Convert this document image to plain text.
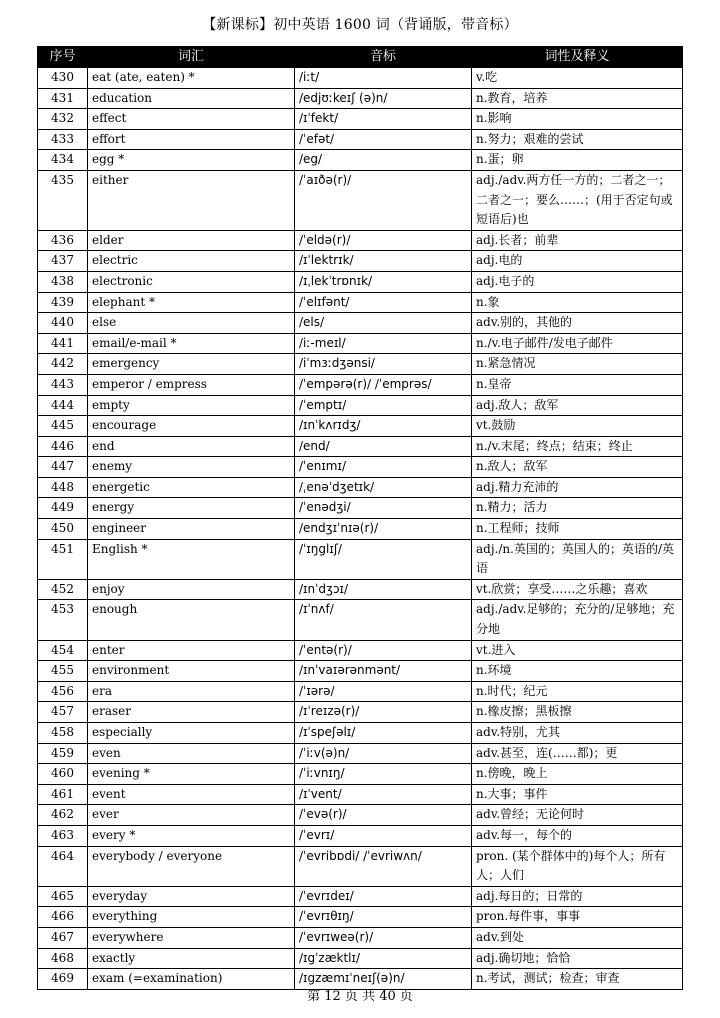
【新课标】初中英语 1600 词（背诵版，带音标）
序号	词汇	音标	词性及释义
430	eat (ate, eaten) *	/iːt/	v.吃
431	education	/edjʊːkeɪʃ (ə)n/	n.教育，培养
432	effect	/ɪˈfekt/	n.影响
433	effort	/ˈefət/	n.努力；艰难的尝试
434	egg *	/eg/	n.蛋；卵
435	either	/ˈaɪðə(r)/	adj./adv.两方任一方的；二者之一；二者之一；要么……；(用于否定句或短语后)也
436	elder	/ˈeldə(r)/	adj.长者；前辈
437	electric	/ɪˈlektrɪk/	adj.电的
438	electronic	/ɪˌlekˈtrɒnɪk/	adj.电子的
439	elephant *	/ˈelɪfənt/	n.象
440	else	/els/	adv.别的，其他的
441	email/e-mail *	/iː-meɪl/	n./v.电子邮件/发电子邮件
442	emergency	/iˈmɜːdʒənsi/	n.紧急情况
443	emperor / empress	/ˈempərə(r)/ /ˈemprəs/	n.皇帝
444	empty	/ˈemptɪ/	adj.敌人；敌军
445	encourage	/ɪnˈkʌrɪdʒ/	vt.鼓励
446	end	/end/	n./v.末尾；终点；结束；终止
447	enemy	/ˈenɪmɪ/	n.敌人；敌军
448	energetic	/ˌenəˈdʒetɪk/	adj.精力充沛的
449	energy	/ˈenədʒi/	n.精力；活力
450	engineer	/endʒɪˈnɪə(r)/	n.工程师；技师
451	English *	/ˈɪŋglɪʃ/	adj./n.英国的；英国人的；英语的/英语
452	enjoy	/ɪnˈdʒɔɪ/	vt.欣赏；享受……之乐趣；喜欢
453	enough	/ɪˈnʌf/	adj./adv.足够的；充分的/足够地；充分地
454	enter	/ˈentə(r)/	vt.进入
455	environment	/ɪnˈvaɪərənmənt/	n.环境
456	era	/ˈɪərə/	n.时代；纪元
457	eraser	/ɪˈreɪzə(r)/	n.橡皮擦；黑板擦
458	especially	/ɪˈspeʃəlɪ/	adv.特别，尤其
459	even	/ˈiːv(ə)n/	adv.甚至，连(……都)；更
460	evening *	/ˈiːvnɪŋ/	n.傍晚，晚上
461	event	/ɪˈvent/	n.大事；事件
462	ever	/ˈevə(r)/	adv.曾经；无论何时
463	every *	/ˈevrɪ/	adv.每一，每个的
464	everybody / everyone	/ˈevribɒdi/ /ˈevriwʌn/	pron. (某个群体中的)每个人；所有人；人们
465	everyday	/ˈevrɪdeɪ/	adj.每日的；日常的
466	everything	/ˈevrɪθɪŋ/	pron.每件事，事事
467	everywhere	/ˈevrɪweə(r)/	adv.到处
468	exactly	/ɪgˈzæktlɪ/	adj.确切地；恰恰
469	exam (=examination)	/ɪgzæmɪˈneɪʃ(ə)n/	n.考试，测试；检查；审查
第 12 页 共 40 页
